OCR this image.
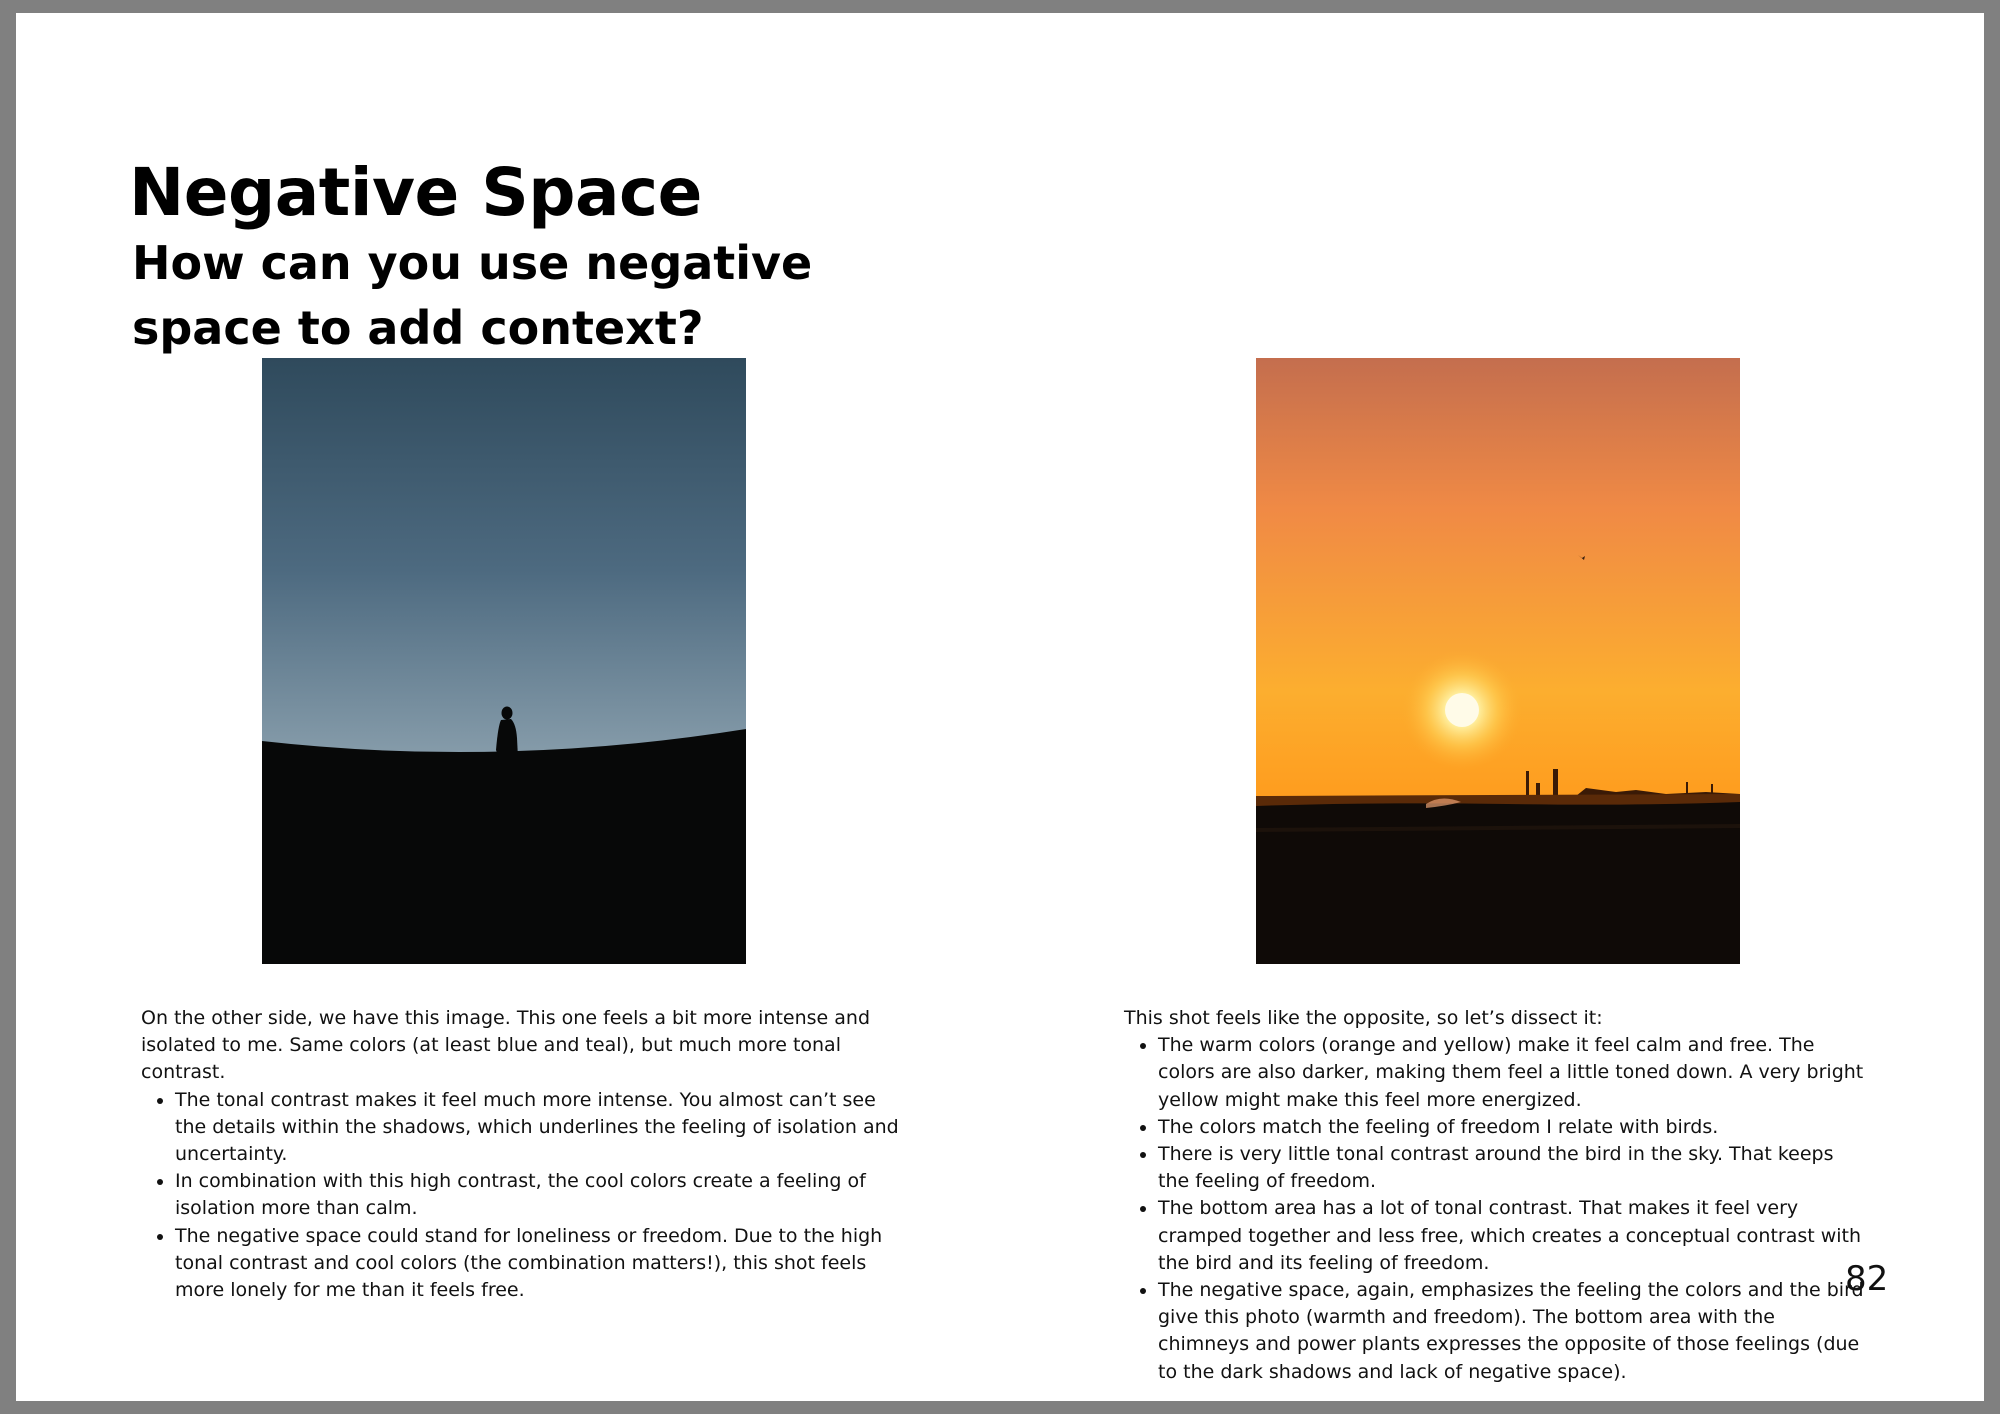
Negative Space
How can you use negative space to add context?

On the other side, we have this image. This one feels a bit more intense and isolated to me. Same colors (at least blue and teal), but much more tonal contrast.

• The tonal contrast makes it feel much more intense. You almost can’t see the details within the shadows, which underlines the feeling of isolation and uncertainty.
• In combination with this high contrast, the cool colors create a feeling of isolation more than calm.
• The negative space could stand for loneliness or freedom. Due to the high tonal contrast and cool colors (the combination matters!), this shot feels more lonely for me than it feels free.

This shot feels like the opposite, so let’s dissect it:

• The warm colors (orange and yellow) make it feel calm and free. The colors are also darker, making them feel a little toned down. A very bright yellow might make this feel more energized.
• The colors match the feeling of freedom I relate with birds.
• There is very little tonal contrast around the bird in the sky. That keeps the feeling of freedom.
• The bottom area has a lot of tonal contrast. That makes it feel very cramped together and less free, which creates a conceptual contrast with the bird and its feeling of freedom.
• The negative space, again, emphasizes the feeling the colors and the bird give this photo (warmth and freedom). The bottom area with the chimneys and power plants expresses the opposite of those feelings (due to the dark shadows and lack of negative space).
82
